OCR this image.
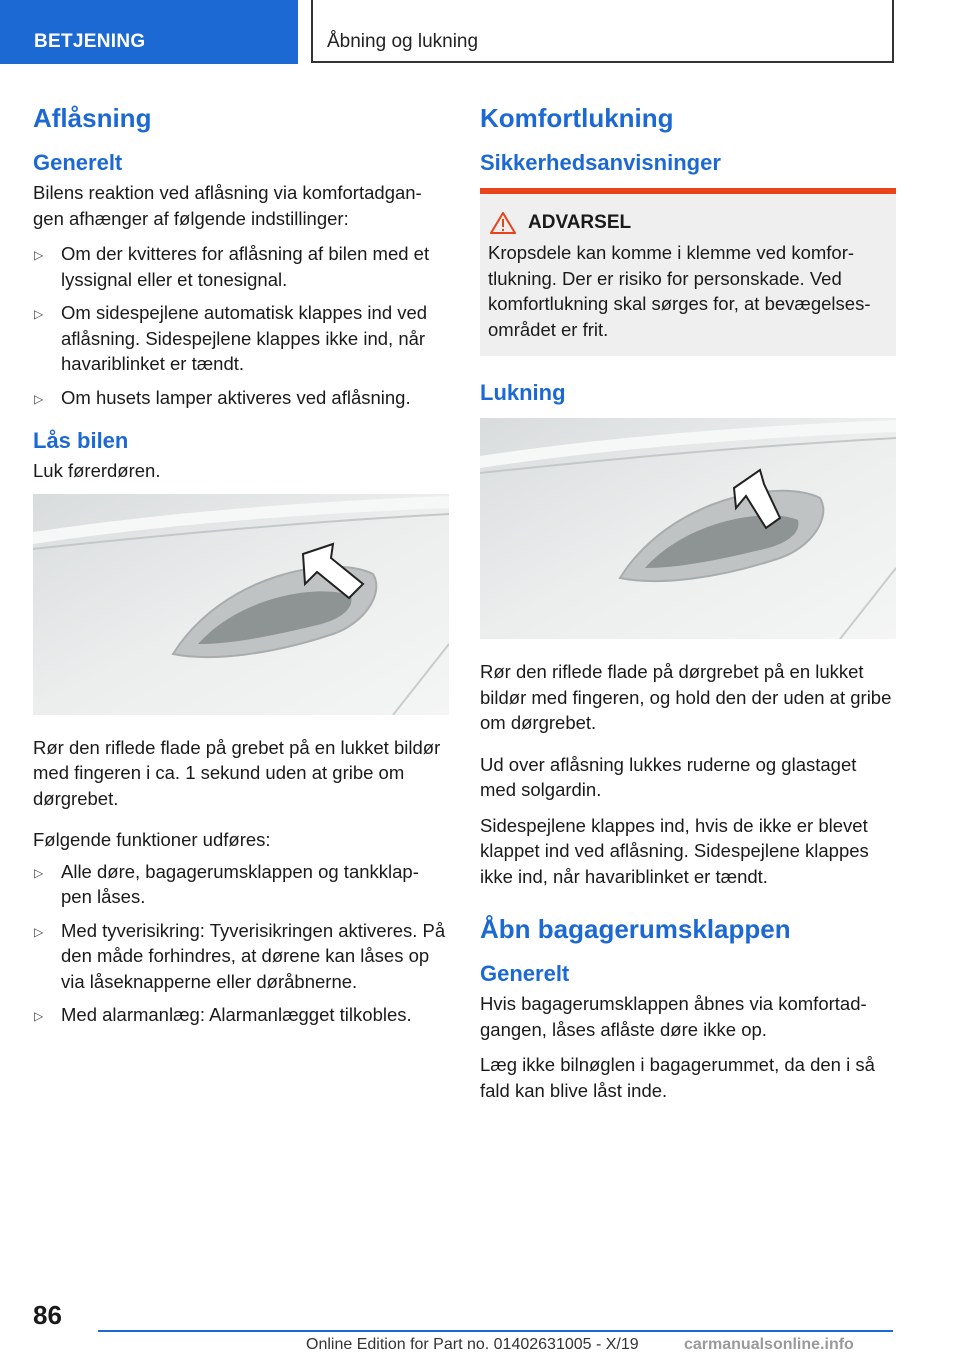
BETJENING	Åbning og lukning
Aflåsning
Generelt
Bilens reaktion ved aflåsning via komfortadgan-gen afhænger af følgende indstillinger:
▷ Om der kvitteres for aflåsning af bilen med et lyssignal eller et tonesignal.
▷ Om sidespejlene automatisk klappes ind ved aflåsning. Sidespejlene klappes ikke ind, når havariblinket er tændt.
▷ Om husets lamper aktiveres ved aflåsning.
Lås bilen
Luk førerdøren.
Rør den riflede flade på grebet på en lukket bildør med fingeren i ca. 1 sekund uden at gribe om dørgrebet.
Følgende funktioner udføres:
▷ Alle døre, bagagerumsklappen og tankklap-pen låses.
▷ Med tyverisikring: Tyverisikringen aktiveres. På den måde forhindres, at dørene kan låses op via låseknapperne eller døråbnerne.
▷ Med alarmanlæg: Alarmanlægget tilkobles.
Komfortlukning
Sikkerhedsanvisninger
ADVARSEL
Kropsdele kan komme i klemme ved komfor-tlukning. Der er risiko for personskade. Ved komfortlukning skal sørges for, at bevægelses-området er frit.
Lukning
Rør den riflede flade på dørgrebet på en lukket bildør med fingeren, og hold den der uden at gribe om dørgrebet.
Ud over aflåsning lukkes ruderne og glastaget med solgardin.
Sidespejlene klappes ind, hvis de ikke er blevet klappet ind ved aflåsning. Sidespejlene klappes ikke ind, når havariblinket er tændt.
Åbn bagagerumsklappen
Generelt
Hvis bagagerumsklappen åbnes via komfortad-gangen, låses aflåste døre ikke op.
Læg ikke bilnøglen i bagagerummet, da den i så fald kan blive låst inde.
86
Online Edition for Part no. 01402631005 - X/19	carmanualsonline.info
